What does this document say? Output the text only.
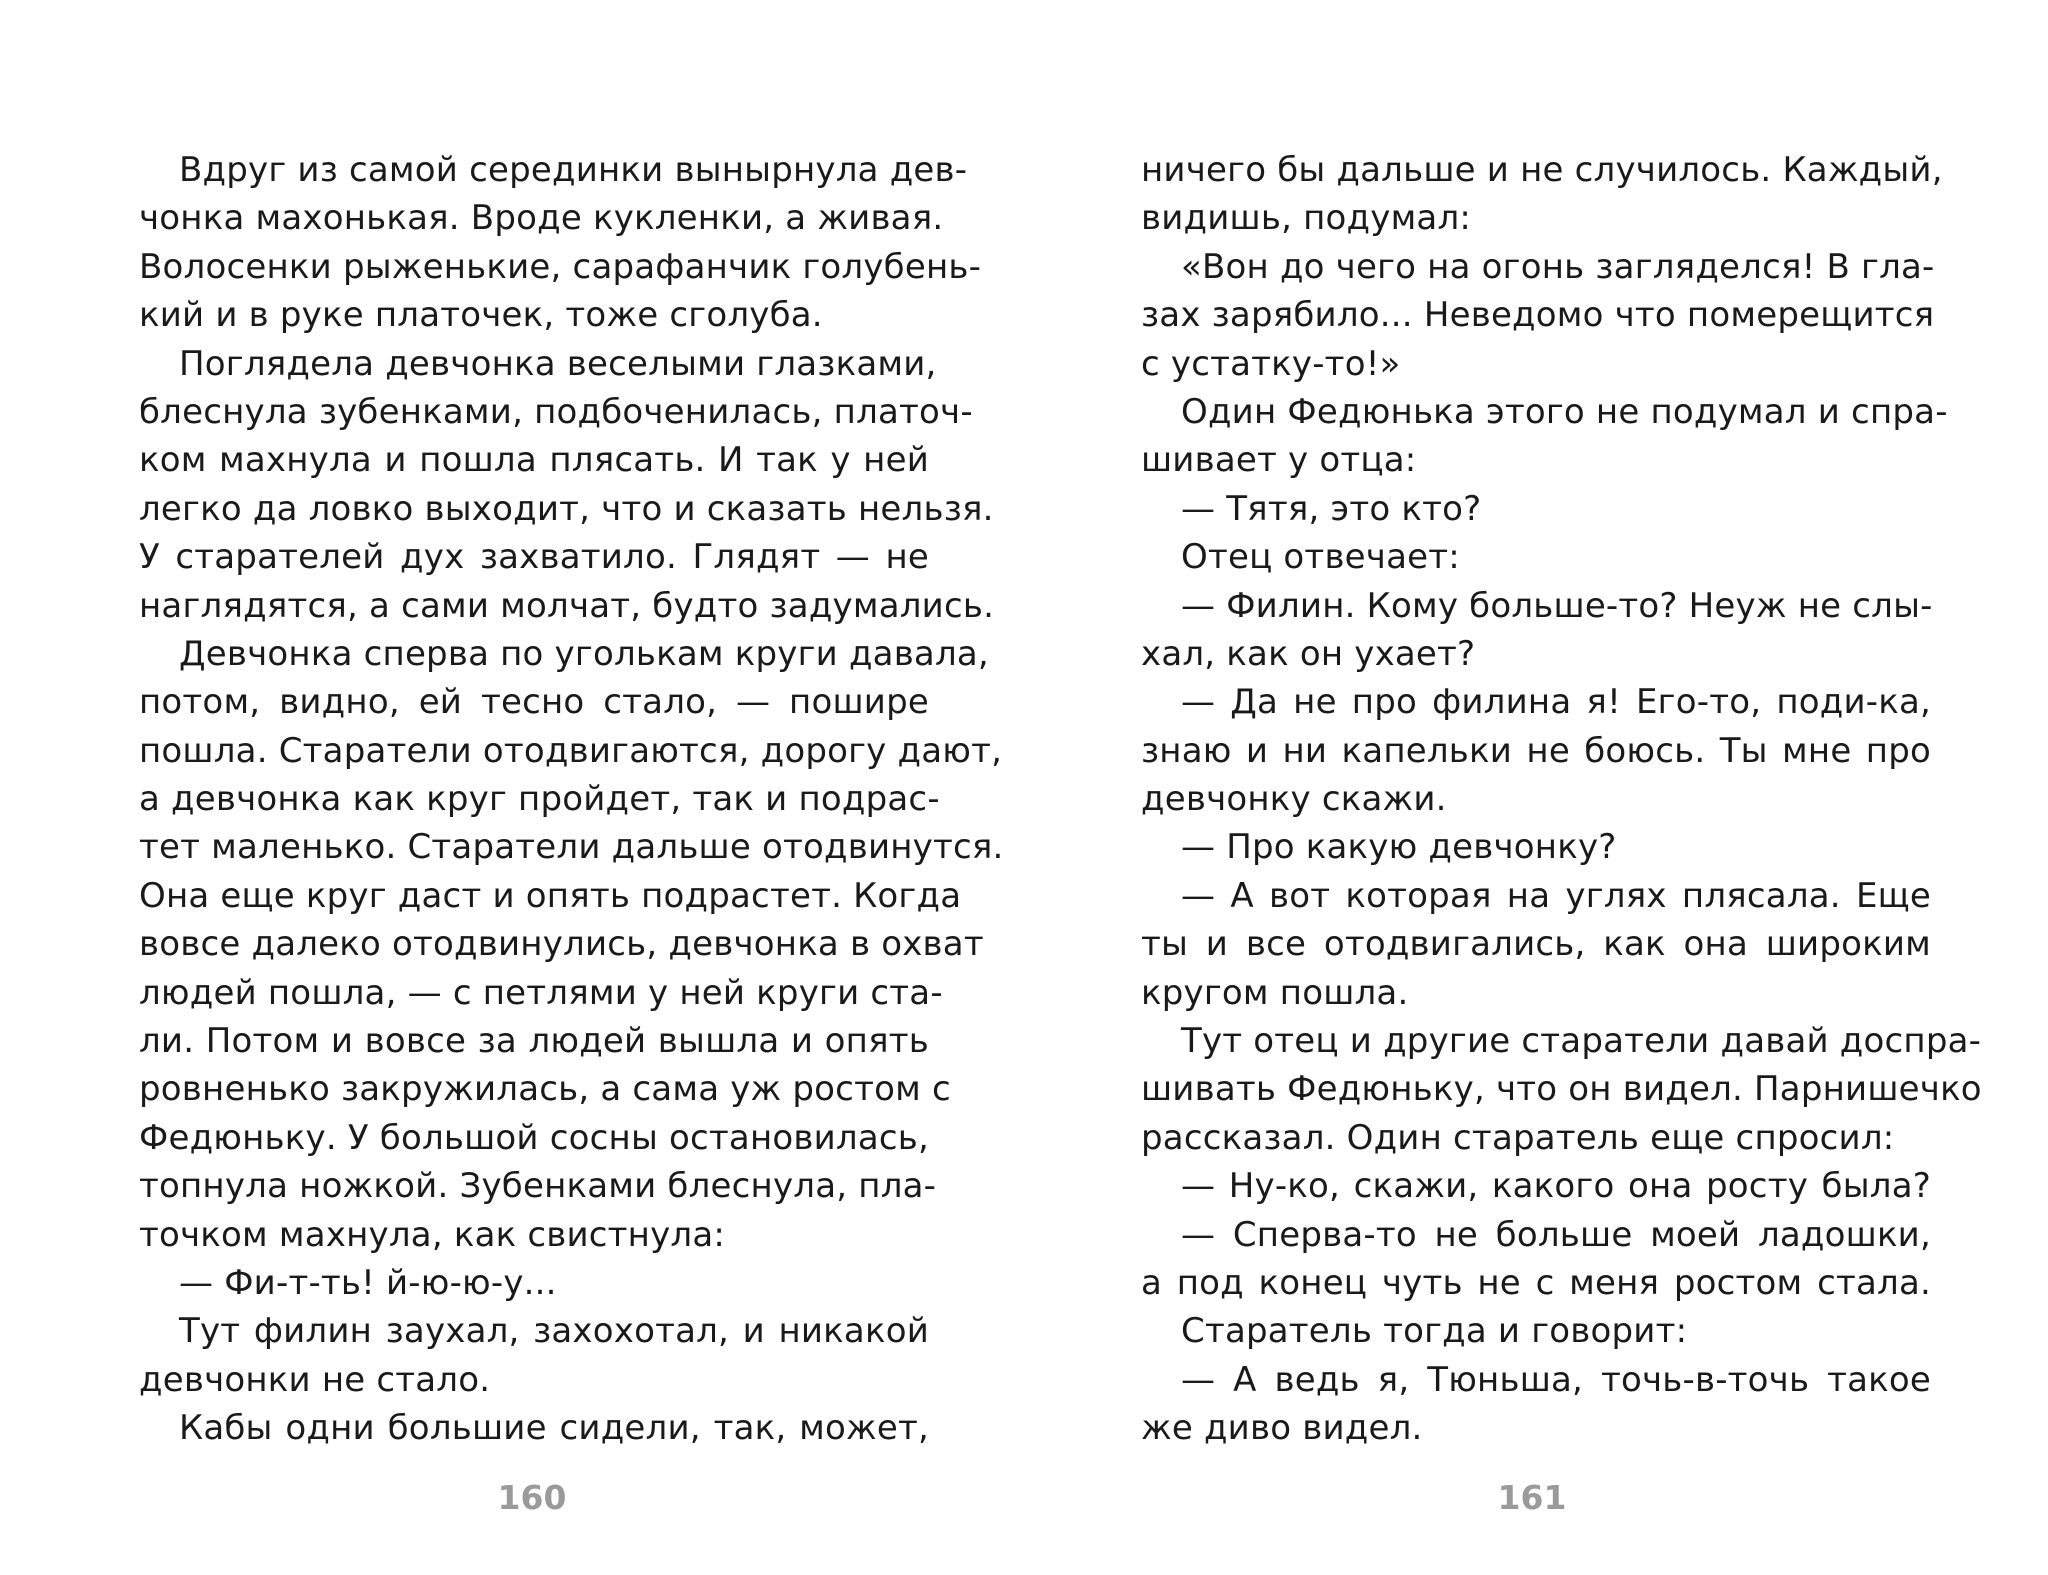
Вдруг из самой серединки вынырнула дев-
чонка махонькая. Вроде кукленки, а живая.
Волосенки рыженькие, сарафанчик голубень-
кий и в руке платочек, тоже сголуба.
Поглядела девчонка веселыми глазками,
блеснула зубенками, подбоченилась, платоч-
ком махнула и пошла плясать. И так у ней
легко да ловко выходит, что и сказать нельзя.
У старателей дух захватило. Глядят — не
наглядятся, а сами молчат, будто задумались.
Девчонка сперва по уголькам круги давала,
потом, видно, ей тесно стало, — пошире
пошла. Старатели отодвигаются, дорогу дают,
а девчонка как круг пройдет, так и подрас-
тет маленько. Старатели дальше отодвинутся.
Она еще круг даст и опять подрастет. Когда
вовсе далеко отодвинулись, девчонка в охват
людей пошла, — с петлями у ней круги ста-
ли. Потом и вовсе за людей вышла и опять
ровненько закружилась, а сама уж ростом с
Федюньку. У большой сосны остановилась,
топнула ножкой. Зубенками блеснула, пла-
точком махнула, как свистнула:
— Фи-т-ть! й-ю-ю-у...
Тут филин заухал, захохотал, и никакой
девчонки не стало.
Кабы одни большие сидели, так, может,
ничего бы дальше и не случилось. Каждый,
видишь, подумал:
«Вон до чего на огонь загляделся! В гла-
зах зарябило... Неведомо что померещится
с устатку-то!»
Один Федюнька этого не подумал и спра-
шивает у отца:
— Тятя, это кто?
Отец отвечает:
— Филин. Кому больше-то? Неуж не слы-
хал, как он ухает?
— Да не про филина я! Его-то, поди-ка,
знаю и ни капельки не боюсь. Ты мне про
девчонку скажи.
— Про какую девчонку?
— А вот которая на углях плясала. Еще
ты и все отодвигались, как она широким
кругом пошла.
Тут отец и другие старатели давай доспра-
шивать Федюньку, что он видел. Парнишечко
рассказал. Один старатель еще спросил:
— Ну-ко, скажи, какого она росту была?
— Сперва-то не больше моей ладошки,
а под конец чуть не с меня ростом стала.
Старатель тогда и говорит:
— А ведь я, Тюньша, точь-в-точь такое
же диво видел.
160	161
